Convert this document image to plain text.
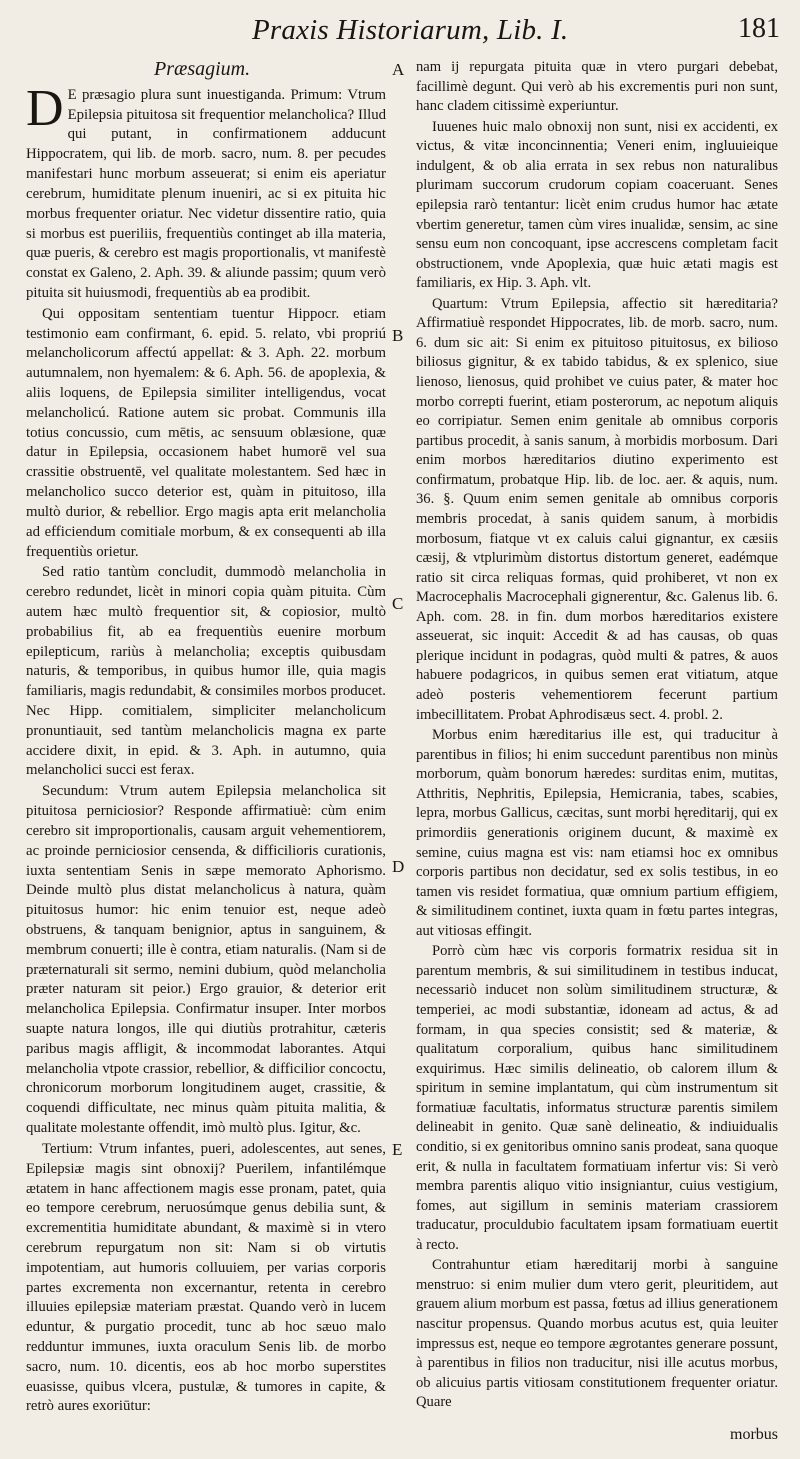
Praxis Historiarum, Lib. I.	181
Præsagium.

D E præsagio plura sunt inuestiganda. Primum: Vtrum Epilepsia pituitosa sit frequentior melancholica? Illud qui putant, in confirmationem adducunt Hippocratem, qui lib. de morb. sacro, num. 8. per pecudes manifestari hunc morbum asseuerat; si enim eis aperiatur cerebrum, humiditate plenum inueniri, ac si ex pituita hic morbus frequenter oriatur. Nec videtur dissentire ratio, quia si morbus est pueriliis, frequentiùs continget ab illa materia, quæ pueris, & cerebro est magis proportionalis, vt manifestè constat ex Galeno, 2. Aph. 39. & aliunde passim; quum verò pituita sit huiusmodi, frequentiùs ab ea prodibit.

Qui oppositam sententiam tuentur Hippocr. etiam testimonio eam confirmant, 6. epid. 5. relato, vbi propriú melancholicorum affectú appellat: & 3. Aph. 22. morbum autumnalem, non hyemalem: & 6. Aph. 56. de apoplexia, & aliis loquens, de Epilepsia similiter intelligendus, vocat melancholicú. Ratione autem sic probat. Communis illa totius concussio, cum mētis, ac sensuum oblæsione, quæ datur in Epilepsia, occasionem habet humorē vel sua crassitie obstruentē, vel qualitate molestantem. Sed hæc in melancholico succo deterior est, quàm in pituitoso, illa multò durior, & rebellior. Ergo magis apta erit melancholia ad efficiendum comitiale morbum, & ex consequenti ab illa frequentiùs orietur.

Sed ratio tantùm concludit, dummodò melancholia in cerebro redundet, licèt in minori copia quàm pituita. Cùm autem hæc multò frequentior sit, & copiosior, multò probabilius fit, ab ea frequentiùs euenire morbum epilepticum, rariùs à melancholia; exceptis quibusdam naturis, & temporibus, in quibus humor ille, quia magis familiaris, magis redundabit, & consimiles morbos producet. Nec Hipp. comitialem, simpliciter melancholicum pronuntiauit, sed tantùm melancholicis magna ex parte accidere dixit, in epid. & 3. Aph. in autumno, quia melancholici succi est ferax.

Secundum: Vtrum autem Epilepsia melancholica sit pituitosa perniciosior? Responde affirmatiuè: cùm enim cerebro sit improportionalis, causam arguit vehementiorem, ac proinde perniciosior censenda, & difficilioris curationis, iuxta sententiam Senis in sæpe memorato Aphorismo. Deinde multò plus distat melancholicus à natura, quàm pituitosus humor: hic enim tenuior est, neque adeò obstruens, & tanquam benignior, aptus in sanguinem, & membrum conuerti; ille è contra, etiam naturalis. (Nam si de præternaturali sit sermo, nemini dubium, quòd melancholia præter naturam sit peior.) Ergo grauior, & deterior erit melancholica Epilepsia. Confirmatur insuper. Inter morbos suapte natura longos, ille qui diutiùs protrahitur, cæteris paribus magis affligit, & incommodat laborantes. Atqui melancholia vtpote crassior, rebellior, & difficilior concoctu, chronicorum morborum longitudinem auget, crassitie, & coquendi difficultate, nec minus quàm pituita malitia, & qualitate molestante offendit, imò multò plus. Igitur, &c.

Tertium: Vtrum infantes, pueri, adolescentes, aut senes, Epilepsiæ magis sint obnoxij? Puerilem, infantilémque ætatem in hanc affectionem magis esse pronam, patet, quia eo tempore cerebrum, neruosúmque genus debilia sunt, & excrementitia humiditate abundant, & maximè si in vtero cerebrum repurgatum non sit: Nam si ob virtutis impotentiam, aut humoris colluuiem, per varias corporis partes excrementa non excernantur, retenta in cerebro illuuies epilepsiæ materiam præstat. Quando verò in lucem eduntur, & purgatio procedit, tunc ab hoc sæuo malo redduntur immunes, iuxta oraculum Senis lib. de morbo sacro, num. 10. dicentis, eos ab hoc morbo superstites euasisse, quibus vlcera, pustulæ, & tumores in capite, & retrò aures exoriūtur:

A
B
C
D
E

nam ij repurgata pituita quæ in vtero purgari debebat, facillimè degunt. Qui verò ab his excrementis puri non sunt, hanc cladem citissimè experiuntur.

Iuuenes huic malo obnoxij non sunt, nisi ex accidenti, ex victus, & vitæ inconcinnentia; Veneri enim, ingluuieique indulgent, & ob alia errata in sex rebus non naturalibus plurimam succorum crudorum copiam coaceruant. Senes epilepsia rarò tentantur: licèt enim crudus humor hac ætate vbertim generetur, tamen cùm vires inualidæ, sensim, ac sine sensu eum non concoquant, ipse accrescens completam facit obstructionem, vnde Apoplexia, quæ huic ætati magis est familiaris, ex Hip. 3. Aph. vlt.

Quartum: Vtrum Epilepsia, affectio sit hæreditaria? Affirmatiuè respondet Hippocrates, lib. de morb. sacro, num. 6. dum sic ait: Si enim ex pituitoso pituitosus, ex bilioso biliosus gignitur, & ex tabido tabidus, & ex splenico, siue lienoso, lienosus, quid prohibet ve cuius pater, & mater hoc morbo correpti fuerint, etiam posterorum, ac nepotum aliquis eo corripiatur. Semen enim genitale ab omnibus corporis partibus procedit, à sanis sanum, à morbidis morbosum. Dari enim morbos hæreditarios diutino experimento est confirmatum, probatque Hip. lib. de loc. aer. & aquis, num. 36. §. Quum enim semen genitale ab omnibus corporis membris procedat, à sanis quidem sanum, à morbidis morbosum, fiatque vt ex caluis calui gignantur, ex cæsiis cæsij, & vtplurimùm distortus distortum generet, eadémque ratio sit circa reliquas formas, quid prohiberet, vt non ex Macrocephalis Macrocephali gignerentur, &c. Galenus lib. 6. Aph. com. 28. in fin. dum morbos hæreditarios existere asseuerat, sic inquit: Accedit & ad has causas, ob quas plerique incidunt in podagras, quòd multi & patres, & auos habuere podagricos, in quibus semen erat vitiatum, atque adeò posteris vehementiorem fecerunt partium imbecillitatem. Probat Aphrodisæus sect. 4. probl. 2.

Morbus enim hæreditarius ille est, qui traducitur à parentibus in filios; hi enim succedunt parentibus non minùs morborum, quàm bonorum hæredes: surditas enim, mutitas, Atthritis, Nephritis, Epilepsia, Hemicrania, tabes, scabies, lepra, morbus Gallicus, cæcitas, sunt morbi hęreditarij, qui ex primordiis generationis originem ducunt, & maximè ex semine, cuius magna est vis: nam etiamsi hoc ex omnibus corporis partibus non decidatur, sed ex solis testibus, in eo tamen vis residet formatiua, quæ omnium partium effigiem, & similitudinem continet, iuxta quam in fœtu partes integras, aut vitiosas effingit.

Porrò cùm hæc vis corporis formatrix residua sit in parentum membris, & sui similitudinem in testibus inducat, necessariò inducet non solùm similitudinem structuræ, & temperiei, ac modi substantiæ, idoneam ad actus, & ad formam, in qua species consistit; sed & materiæ, & qualitatum corporalium, quibus hanc similitudinem exquirimus. Hæc similis delineatio, ob calorem illum & spiritum in semine implantatum, qui cùm instrumentum sit formatiuæ facultatis, informatus structuræ parentis similem delineabit in genito. Quæ sanè delineatio, & indiuidualis conditio, si ex genitoribus omnino sanis prodeat, sana quoque erit, & nulla in facultatem formatiuam infertur vis: Si verò membra parentis aliquo vitio insigniantur, cuius vestigium, fomes, aut sigillum in seminis materiam crassiorem traducatur, proculdubio facultatem ipsam formatiuam euertit à recto.

Contrahuntur etiam hæreditarij morbi à sanguine menstruo: si enim mulier dum vtero gerit, pleuritidem, aut grauem alium morbum est passa, fœtus ad illius generationem nascitur propensus. Quando morbus acutus est, quia leuiter impressus est, neque eo tempore ægrotantes generare possunt, à parentibus in filios non traducitur, nisi ille acutus morbus, ob alicuius partis vitiosam constitutionem frequenter oriatur. Quare

morbus
